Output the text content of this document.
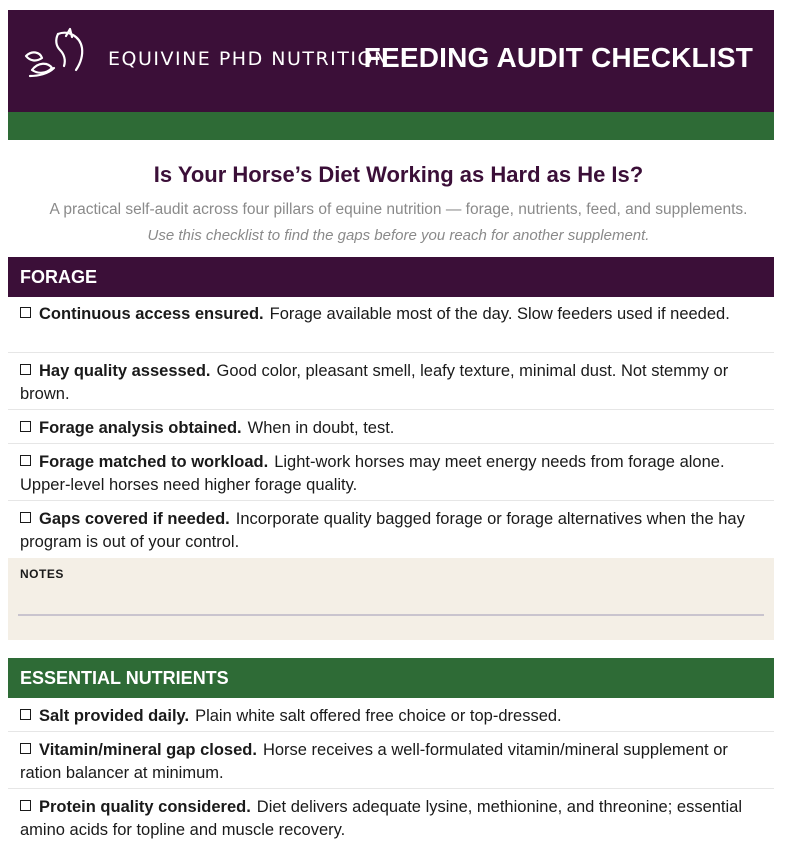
EQUIVINE PHD NUTRITION
FEEDING AUDIT CHECKLIST
Is Your Horse’s Diet Working as Hard as He Is?
A practical self-audit across four pillars of equine nutrition — forage, nutrients, feed, and supplements.
Use this checklist to find the gaps before you reach for another supplement.
FORAGE
Continuous access ensured. Forage available most of the day. Slow feeders used if needed.
Hay quality assessed. Good color, pleasant smell, leafy texture, minimal dust. Not stemmy or brown.
Forage analysis obtained. When in doubt, test.
Forage matched to workload. Light-work horses may meet energy needs from forage alone. Upper-level horses need higher forage quality.
Gaps covered if needed. Incorporate quality bagged forage or forage alternatives when the hay program is out of your control.
NOTES
ESSENTIAL NUTRIENTS
Salt provided daily. Plain white salt offered free choice or top-dressed.
Vitamin/mineral gap closed. Horse receives a well-formulated vitamin/mineral supplement or ration balancer at minimum.
Protein quality considered. Diet delivers adequate lysine, methionine, and threonine; essential amino acids for topline and muscle recovery.
